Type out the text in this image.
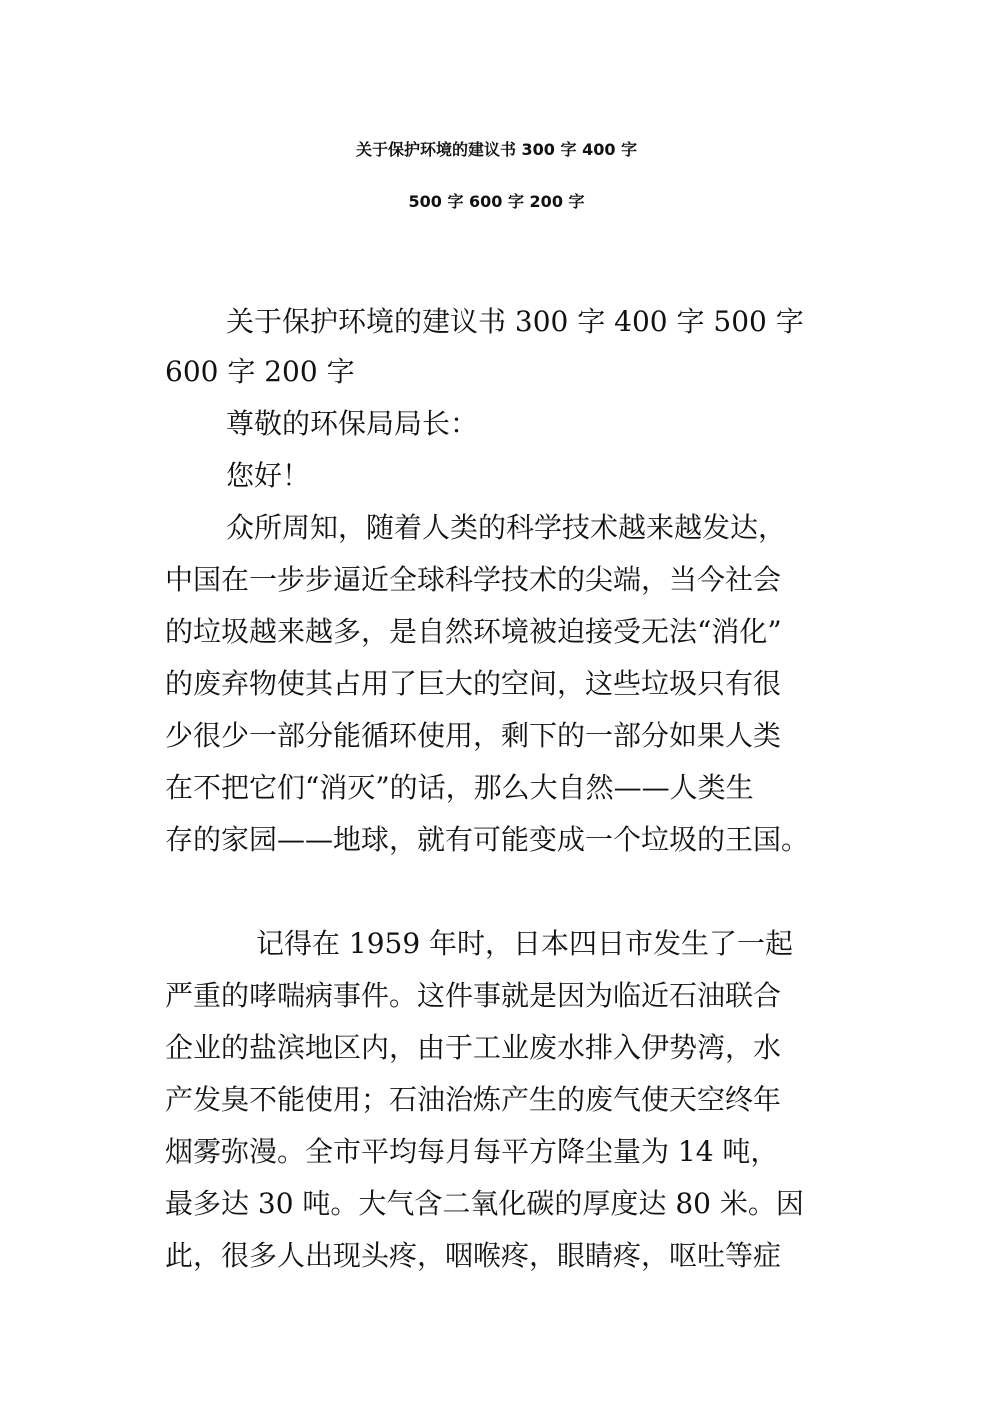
关于保护环境的建议书 300 字 400 字
500 字 600 字 200 字

关于保护环境的建议书 300 字 400 字 500 字

600 字 200 字

尊敬的环保局局长：

您好！

众所周知，随着人类的科学技术越来越发达，

中国在一步步逼近全球科学技术的尖端，当今社会

的垃圾越来越多，是自然环境被迫接受无法“消化”

的废弃物使其占用了巨大的空间，这些垃圾只有很

少很少一部分能循环使用，剩下的一部分如果人类

在不把它们“消灭”的话，那么大自然——人类生

存的家园——地球，就有可能变成一个垃圾的王国。

记得在 1959 年时，日本四日市发生了一起

严重的哮喘病事件。这件事就是因为临近石油联合

企业的盐滨地区内，由于工业废水排入伊势湾，水

产发臭不能使用；石油治炼产生的废气使天空终年

烟雾弥漫。全市平均每月每平方降尘量为 14 吨，

最多达 30 吨。大气含二氧化碳的厚度达 80 米。因

此，很多人出现头疼，咽喉疼，眼睛疼，呕吐等症
